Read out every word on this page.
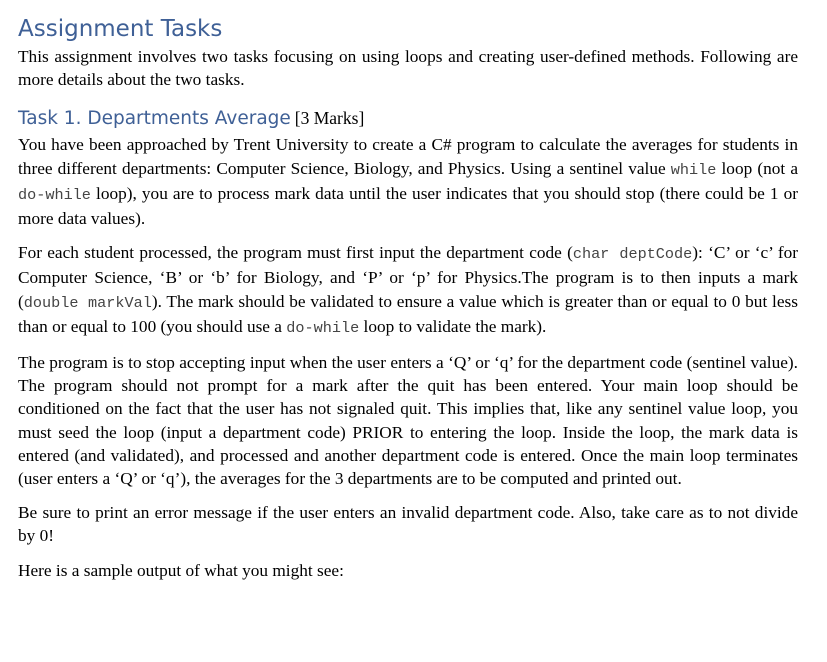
Assignment Tasks

This assignment involves two tasks focusing on using loops and creating user-defined methods. Following are more details about the two tasks.

Task 1. Departments Average [3 Marks]

You have been approached by Trent University to create a C# program to calculate the averages for students in three different departments: Computer Science, Biology, and Physics. Using a sentinel value while loop (not a do-while loop), you are to process mark data until the user indicates that you should stop (there could be 1 or more data values).

For each student processed, the program must first input the department code (char deptCode): ‘C’ or ‘c’ for Computer Science, ‘B’ or ‘b’ for Biology, and ‘P’ or ‘p’ for Physics.The program is to then inputs a mark (double markVal). The mark should be validated to ensure a value which is greater than or equal to 0 but less than or equal to 100 (you should use a do-while loop to validate the mark).

The program is to stop accepting input when the user enters a ‘Q’ or ‘q’ for the department code (sentinel value). The program should not prompt for a mark after the quit has been entered. Your main loop should be conditioned on the fact that the user has not signaled quit. This implies that, like any sentinel value loop, you must seed the loop (input a department code) PRIOR to entering the loop. Inside the loop, the mark data is entered (and validated), and processed and another department code is entered. Once the main loop terminates (user enters a ‘Q’ or ‘q’), the averages for the 3 departments are to be computed and printed out.

Be sure to print an error message if the user enters an invalid department code. Also, take care as to not divide by 0!

Here is a sample output of what you might see:
